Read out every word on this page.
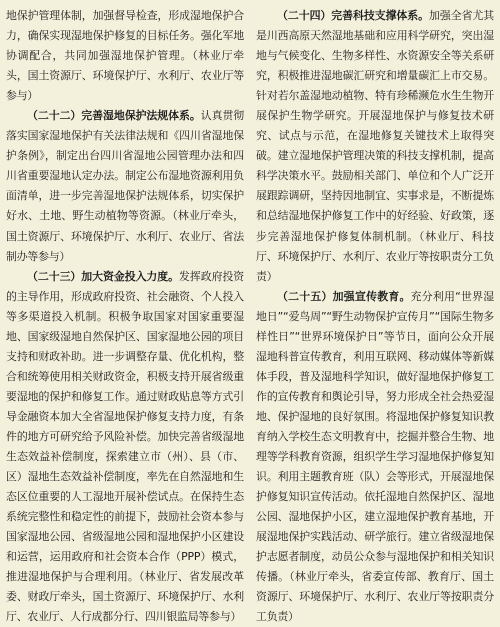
地保护管理体制，加强督导检查，形成湿地保护合力，确保实现湿地保护修复的目标任务。强化军地协调配合，共同加强湿地保护管理。（林业厅牵头，国土资源厅、环境保护厅、水利厅、农业厅等参与）

（二十二）完善湿地保护法规体系。认真贯彻落实国家湿地保护有关法律法规和《四川省湿地保护条例》，制定出台四川省湿地公园管理办法和四川省重要湿地认定办法。制定公布湿地资源利用负面清单，进一步完善湿地保护法规体系，切实保护好水、土地、野生动植物等资源。（林业厅牵头，国土资源厅、环境保护厅、水利厅、农业厅、省法制办等参与）

（二十三）加大资金投入力度。发挥政府投资的主导作用，形成政府投资、社会融资、个人投入等多渠道投入机制。积极争取国家对国家重要湿地、国家级湿地自然保护区、国家湿地公园的项目支持和财政补助。进一步调整存量、优化机构，整合和统筹使用相关财政资金，积极支持开展省级重要湿地的保护和修复工作。通过财政贴息等方式引导金融资本加大全省湿地保护修复支持力度，有条件的地方可研究给予风险补偿。加快完善省级湿地生态效益补偿制度，探索建立市（州）、县（市、区）湿地生态效益补偿制度，率先在自然湿地和生态区位重要的人工湿地开展补偿试点。在保持生态系统完整性和稳定性的前提下，鼓励社会资本参与国家湿地公园、省级湿地公园和湿地保护小区建设和运营，运用政府和社会资本合作（PPP）模式，推进湿地保护与合理利用。（林业厅、省发展改革委、财政厅牵头，国土资源厅、环境保护厅、水利厅、农业厅、人行成都分行、四川银监局等参与）

（二十四）完善科技支撑体系。加强全省尤其是川西高原天然湿地基础和应用科学研究，突出湿地与气候变化、生物多样性、水资源安全等关系研究，积极推进湿地碳汇研究和增量碳汇上市交易。针对若尔盖湿地动植物、特有珍稀濒危水生生物开展保护生物学研究。开展湿地保护与修复技术研究、试点与示范，在湿地修复关键技术上取得突破。建立湿地保护管理决策的科技支撑机制，提高科学决策水平。鼓励相关部门、单位和个人广泛开展跟踪调研，坚持因地制宜、实事求是，不断提炼和总结湿地保护修复工作中的好经验、好政策，逐步完善湿地保护修复体制机制。（林业厅、科技厅、环境保护厅、水利厅、农业厅等按职责分工负责）

（二十五）加强宣传教育。充分利用“世界湿地日”“爱鸟周”“野生动物保护宣传月”“国际生物多样性日”“世界环境保护日”等节日，面向公众开展湿地科普宣传教育，利用互联网、移动媒体等新媒体手段，普及湿地科学知识，做好湿地保护修复工作的宣传教育和舆论引导，努力形成全社会热爱湿地、保护湿地的良好氛围。将湿地保护修复知识教育纳入学校生态文明教育中，挖掘并整合生物、地理等学科教育资源，组织学生学习湿地保护修复知识。利用主题教育班（队）会等形式，开展湿地保护修复知识宣传活动。依托湿地自然保护区、湿地公园、湿地保护小区，建立湿地保护教育基地，开展湿地保护实践活动、研学旅行。建立省级湿地保护志愿者制度，动员公众参与湿地保护和相关知识传播。（林业厅牵头，省委宣传部、教育厅、国土资源厅、环境保护厅、水利厅、农业厅等按职责分工负责）
